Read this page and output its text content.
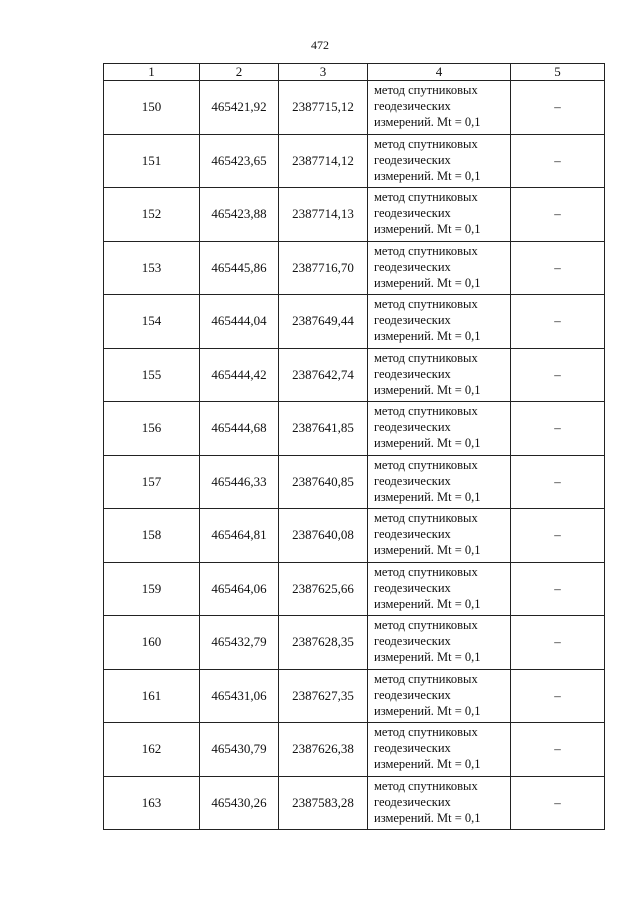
472
1	2	3	4	5
150	465421,92	2387715,12	метод спутниковых
геодезических
измерений. Mt = 0,1	–
151	465423,65	2387714,12	метод спутниковых
геодезических
измерений. Mt = 0,1	–
152	465423,88	2387714,13	метод спутниковых
геодезических
измерений. Mt = 0,1	–
153	465445,86	2387716,70	метод спутниковых
геодезических
измерений. Mt = 0,1	–
154	465444,04	2387649,44	метод спутниковых
геодезических
измерений. Mt = 0,1	–
155	465444,42	2387642,74	метод спутниковых
геодезических
измерений. Mt = 0,1	–
156	465444,68	2387641,85	метод спутниковых
геодезических
измерений. Mt = 0,1	–
157	465446,33	2387640,85	метод спутниковых
геодезических
измерений. Mt = 0,1	–
158	465464,81	2387640,08	метод спутниковых
геодезических
измерений. Mt = 0,1	–
159	465464,06	2387625,66	метод спутниковых
геодезических
измерений. Mt = 0,1	–
160	465432,79	2387628,35	метод спутниковых
геодезических
измерений. Mt = 0,1	–
161	465431,06	2387627,35	метод спутниковых
геодезических
измерений. Mt = 0,1	–
162	465430,79	2387626,38	метод спутниковых
геодезических
измерений. Mt = 0,1	–
163	465430,26	2387583,28	метод спутниковых
геодезических
измерений. Mt = 0,1	–
